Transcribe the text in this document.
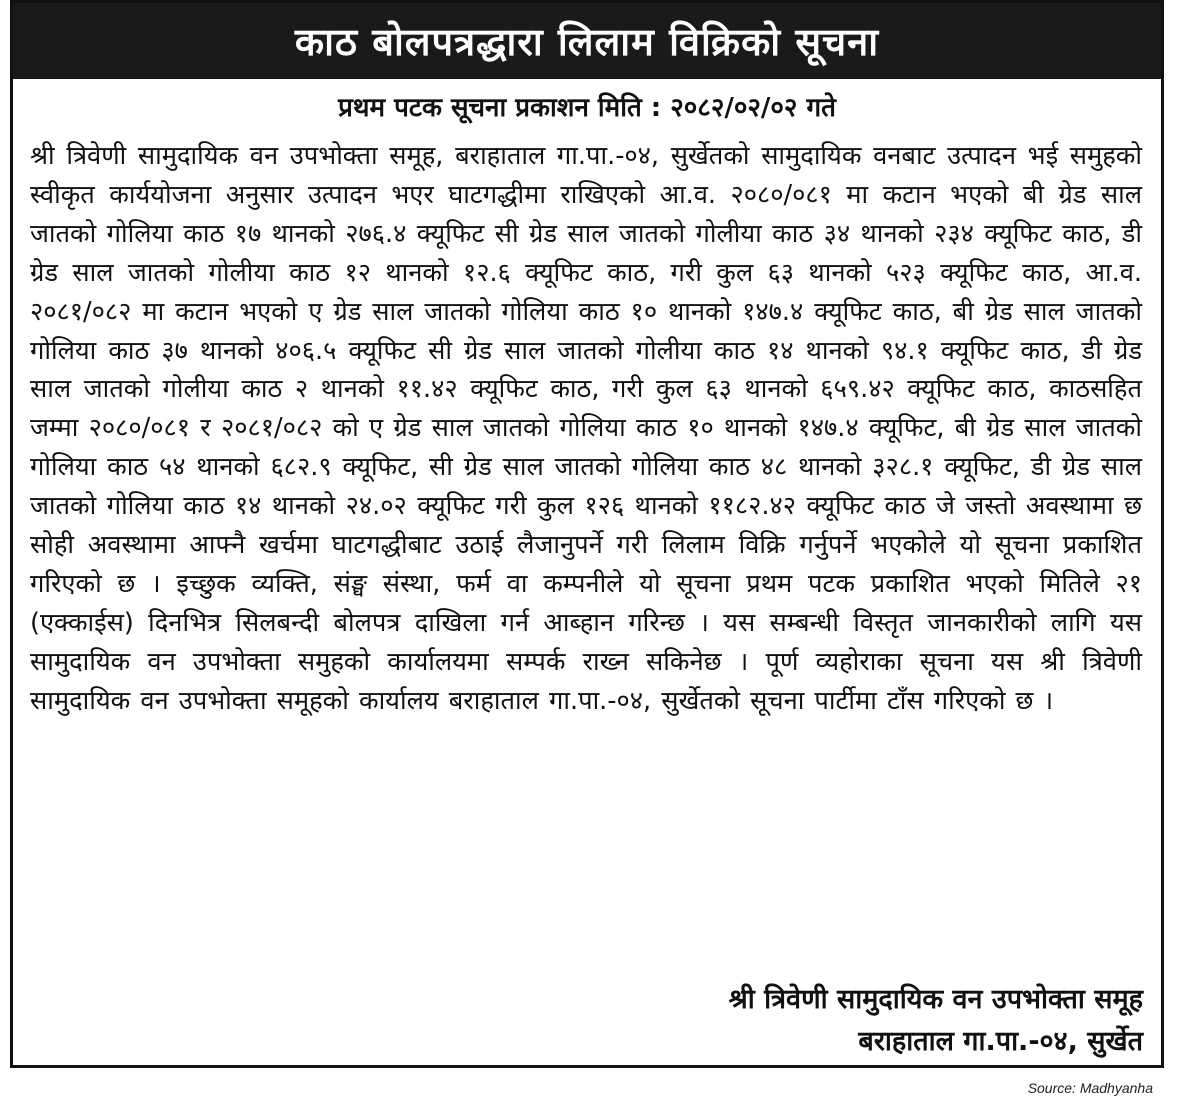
काठ बोलपत्रद्धारा लिलाम विक्रिको सूचना
प्रथम पटक सूचना प्रकाशन मिति : २०८२/०२/०२ गते

श्री त्रिवेणी सामुदायिक वन उपभोक्ता समूह, बराहाताल गा.पा.-०४, सुर्खेतको सामुदायिक वनबाट उत्पादन भई समुहको स्वीकृत कार्ययोजना अनुसार उत्पादन भएर घाटगद्धीमा राखिएको आ.व. २०८०/०८१ मा कटान भएको बी ग्रेड साल जातको गोलिया काठ १७ थानको २७६.४ क्यूफिट सी ग्रेड साल जातको गोलीया काठ ३४ थानको २३४ क्यूफिट काठ, डी ग्रेड साल जातको गोलीया काठ १२ थानको १२.६ क्यूफिट काठ, गरी कुल ६३ थानको ५२३ क्यूफिट काठ, आ.व. २०८१/०८२ मा कटान भएको ए ग्रेड साल जातको गोलिया काठ १० थानको १४७.४ क्यूफिट काठ, बी ग्रेड साल जातको गोलिया काठ ३७ थानको ४०६.५ क्यूफिट सी ग्रेड साल जातको गोलीया काठ १४ थानको ९४.१ क्यूफिट काठ, डी ग्रेड साल जातको गोलीया काठ २ थानको ११.४२ क्यूफिट काठ, गरी कुल ६३ थानको ६५९.४२ क्यूफिट काठ, काठसहित जम्मा २०८०/०८१ र २०८१/०८२ को ए ग्रेड साल जातको गोलिया काठ १० थानको १४७.४ क्यूफिट, बी ग्रेड साल जातको गोलिया काठ ५४ थानको ६८२.९ क्यूफिट, सी ग्रेड साल जातको गोलिया काठ ४८ थानको ३२८.१ क्यूफिट, डी ग्रेड साल जातको गोलिया काठ १४ थानको २४.०२ क्यूफिट गरी कुल १२६ थानको ११८२.४२ क्यूफिट काठ जे जस्तो अवस्थामा छ सोही अवस्थामा आफ्नै खर्चमा घाटगद्धीबाट उठाई लैजानुपर्ने गरी लिलाम विक्रि गर्नुपर्ने भएकोले यो सूचना प्रकाशित गरिएको छ । इच्छुक व्यक्ति, संङ्घ संस्था, फर्म वा कम्पनीले यो सूचना प्रथम पटक प्रकाशित भएको मितिले २१ (एक्काईस) दिनभित्र सिलबन्दी बोलपत्र दाखिला गर्न आब्हान गरिन्छ । यस सम्बन्धी विस्तृत जानकारीको लागि यस सामुदायिक वन उपभोक्ता समुहको कार्यालयमा सम्पर्क राख्न सकिनेछ । पूर्ण व्यहोराका सूचना यस श्री त्रिवेणी सामुदायिक वन उपभोक्ता समूहको कार्यालय बराहाताल गा.पा.-०४, सुर्खेतको सूचना पार्टीमा टाँस गरिएको छ ।

श्री त्रिवेणी सामुदायिक वन उपभोक्ता समूह
बराहाताल गा.पा.-०४, सुर्खेत
Source: Madhyanha
